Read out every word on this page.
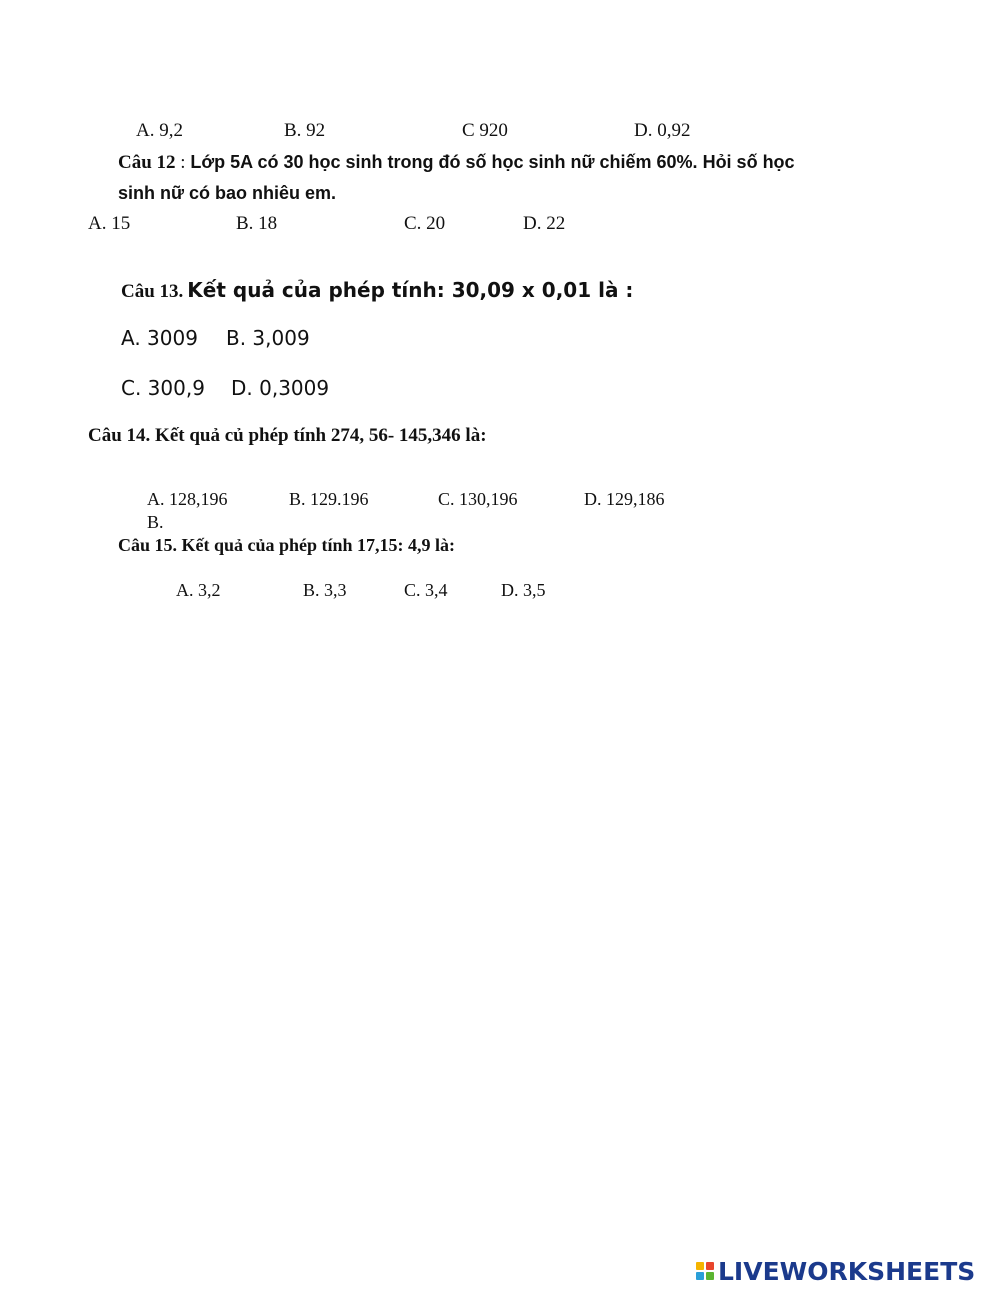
A. 9,2	B. 92	C 920	D. 0,92
Câu 12 : Lớp 5A có 30 học sinh trong đó số học sinh nữ chiếm 60%. Hỏi số học
sinh nữ có bao nhiêu em.
A. 15	B. 18	C. 20	D. 22
Câu 13. Kết quả của phép tính: 30,09 x 0,01 là :
A. 3009 B. 3,009
C. 300,9 D. 0,3009
Câu 14. Kết quả củ phép tính 274, 56- 145,346 là:
A. 128,196	B. 129.196	C. 130,196	D. 129,186
B.
Câu 15. Kết quả của phép tính 17,15: 4,9 là:
A. 3,2	B. 3,3	C. 3,4	D. 3,5
LIVEWORKSHEETS
